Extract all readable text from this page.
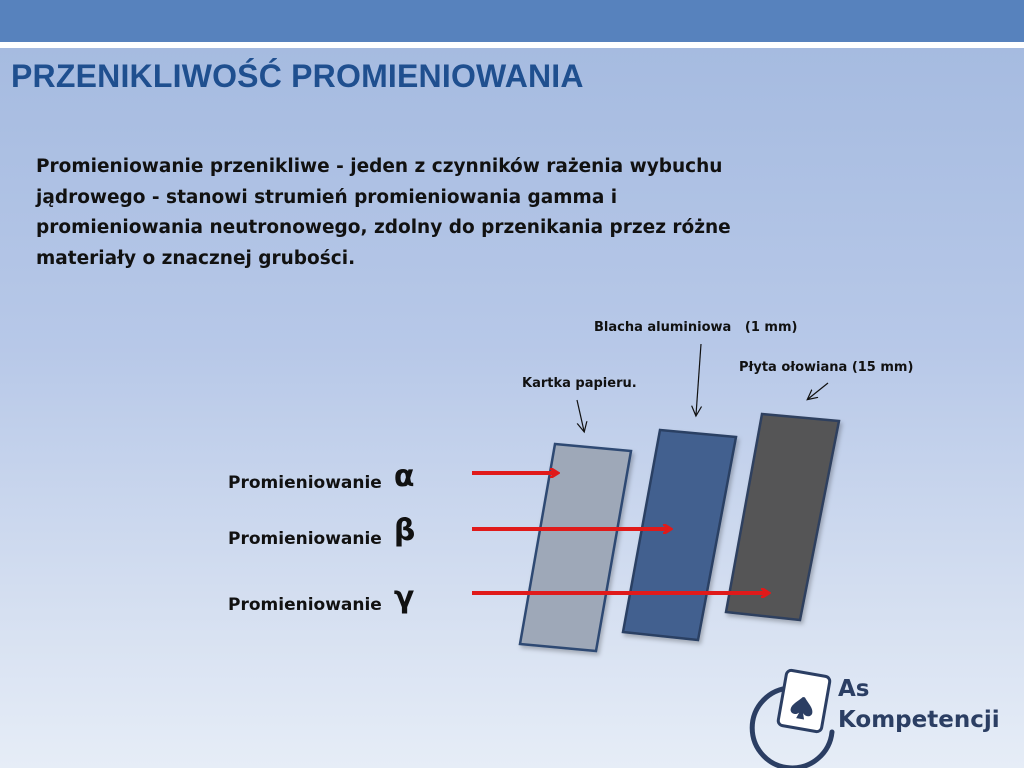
PRZENIKLIWOŚĆ PROMIENIOWANIA

Promieniowanie przenikliwe - jeden z czynników rażenia wybuchu jądrowego - stanowi strumień promieniowania gamma i promieniowania neutronowego, zdolny do przenikania przez różne materiały o znacznej grubości.

Promieniowanie α
Promieniowanie β
Promieniowanie γ
Kartka papieru.
Blacha aluminiowa   (1 mm)
Płyta ołowiana (15 mm)
As
Kompetencji
